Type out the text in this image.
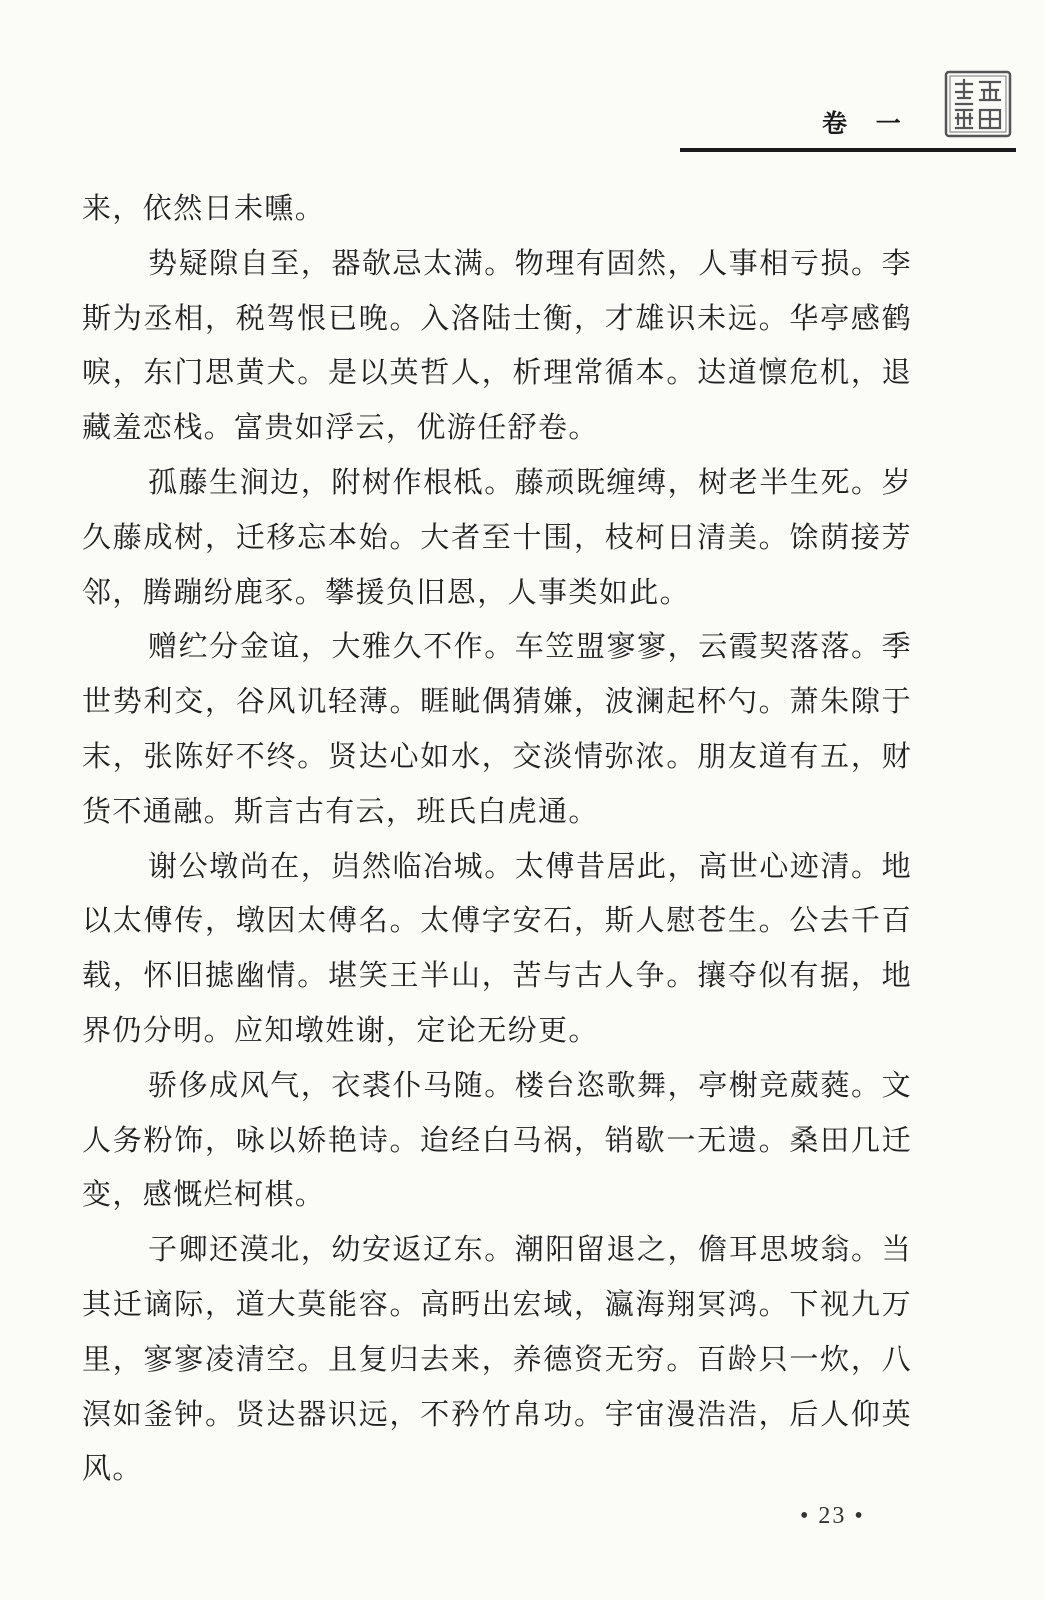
卷 一

来，依然日未曛。

势疑隙自至，器欹忌太满。物理有固然，人事相亏损。李斯为丞相，税驾恨已晚。入洛陆士衡，才雄识未远。华亭感鹤唳，东门思黄犬。是以英哲人，析理常循本。达道懔危机，退藏羞恋栈。富贵如浮云，优游任舒卷。

孤藤生涧边，附树作根柢。藤顽既缠缚，树老半生死。岁久藤成树，迁移忘本始。大者至十围，枝柯日清美。馀荫接芳邻，腾蹦纷鹿豕。攀援负旧恩，人事类如此。

赠纻分金谊，大雅久不作。车笠盟寥寥，云霞契落落。季世势利交，谷风讥轻薄。睚眦偶猜嫌，波澜起杯勺。萧朱隙于末，张陈好不终。贤达心如水，交淡情弥浓。朋友道有五，财货不通融。斯言古有云，班氏白虎通。

谢公墩尚在，岿然临冶城。太傅昔居此，高世心迹清。地以太傅传，墩因太傅名。太傅字安石，斯人慰苍生。公去千百载，怀旧摅幽情。堪笑王半山，苦与古人争。攘夺似有据，地界仍分明。应知墩姓谢，定论无纷更。

骄侈成风气，衣裘仆马随。楼台恣歌舞，亭榭竞葳蕤。文人务粉饰，咏以娇艳诗。迨经白马祸，销歇一无遗。桑田几迁变，感慨烂柯棋。

子卿还漠北，幼安返辽东。潮阳留退之，儋耳思坡翁。当其迁谪际，道大莫能容。高眄出宏域，瀛海翔冥鸿。下视九万里，寥寥凌清空。且复归去来，养德资无穷。百龄只一炊，八溟如釜钟。贤达器识远，不矜竹帛功。宇宙漫浩浩，后人仰英风。

• 23 •
